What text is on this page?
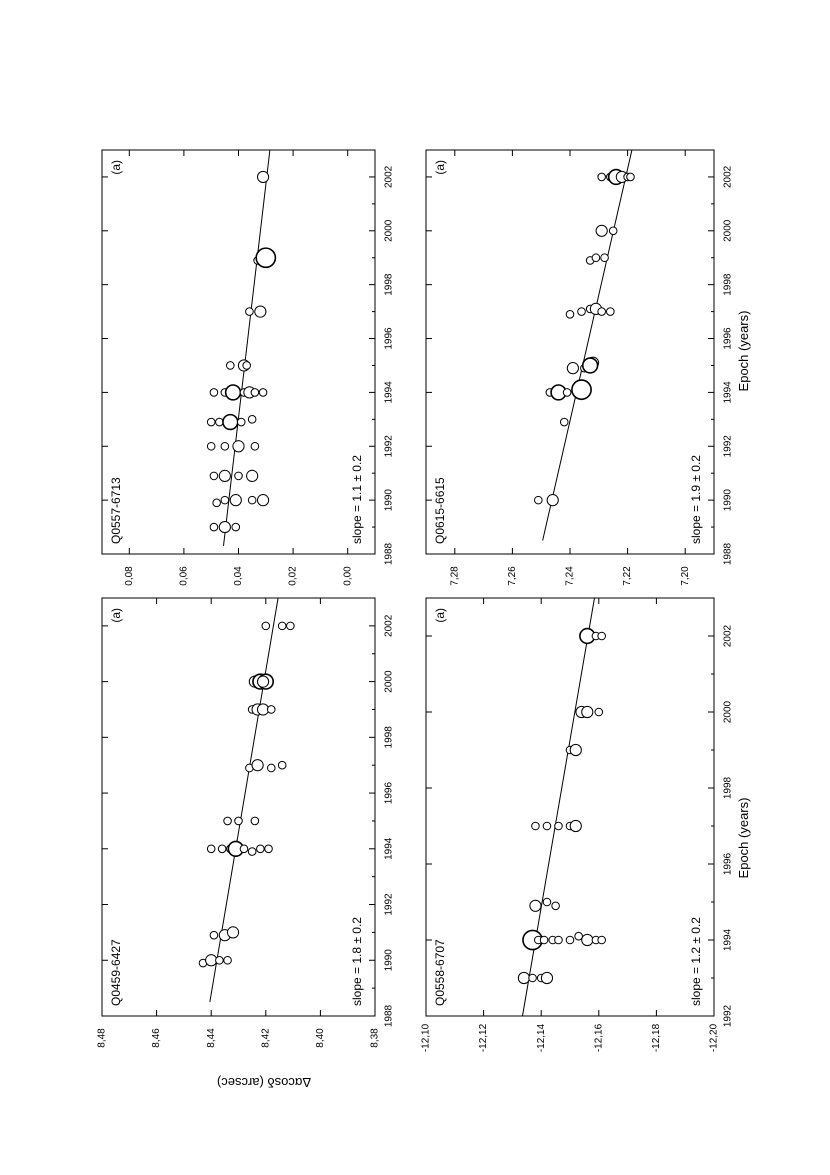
1988
1990
1992
1994
1996
1998
2000
2002
0,00
0,02
0,04
0,06
0,08
Q0557-6713
(a)
slope = 1.1 ± 0.2
1988
1990
1992
1994
1996
1998
2000
2002
8,38
8,40
8,42
8,44
8,46
8,48
Q0459-6427
(a)
slope = 1.8 ± 0.2
1988
1990
1992
1994
1996
1998
2000
2002
7,20
7,22
7,24
7,26
7,28
Q0615-6615
(a)
slope = 1.9 ± 0.2
1992
1994
1996
1998
2000
2002
-12,20
-12,18
-12,16
-12,14
-12,12
-12,10
Q0558-6707
(a)
slope = 1.2 ± 0.2
Δαcosδ (arcsec)
Epoch (years)
Epoch (years)
